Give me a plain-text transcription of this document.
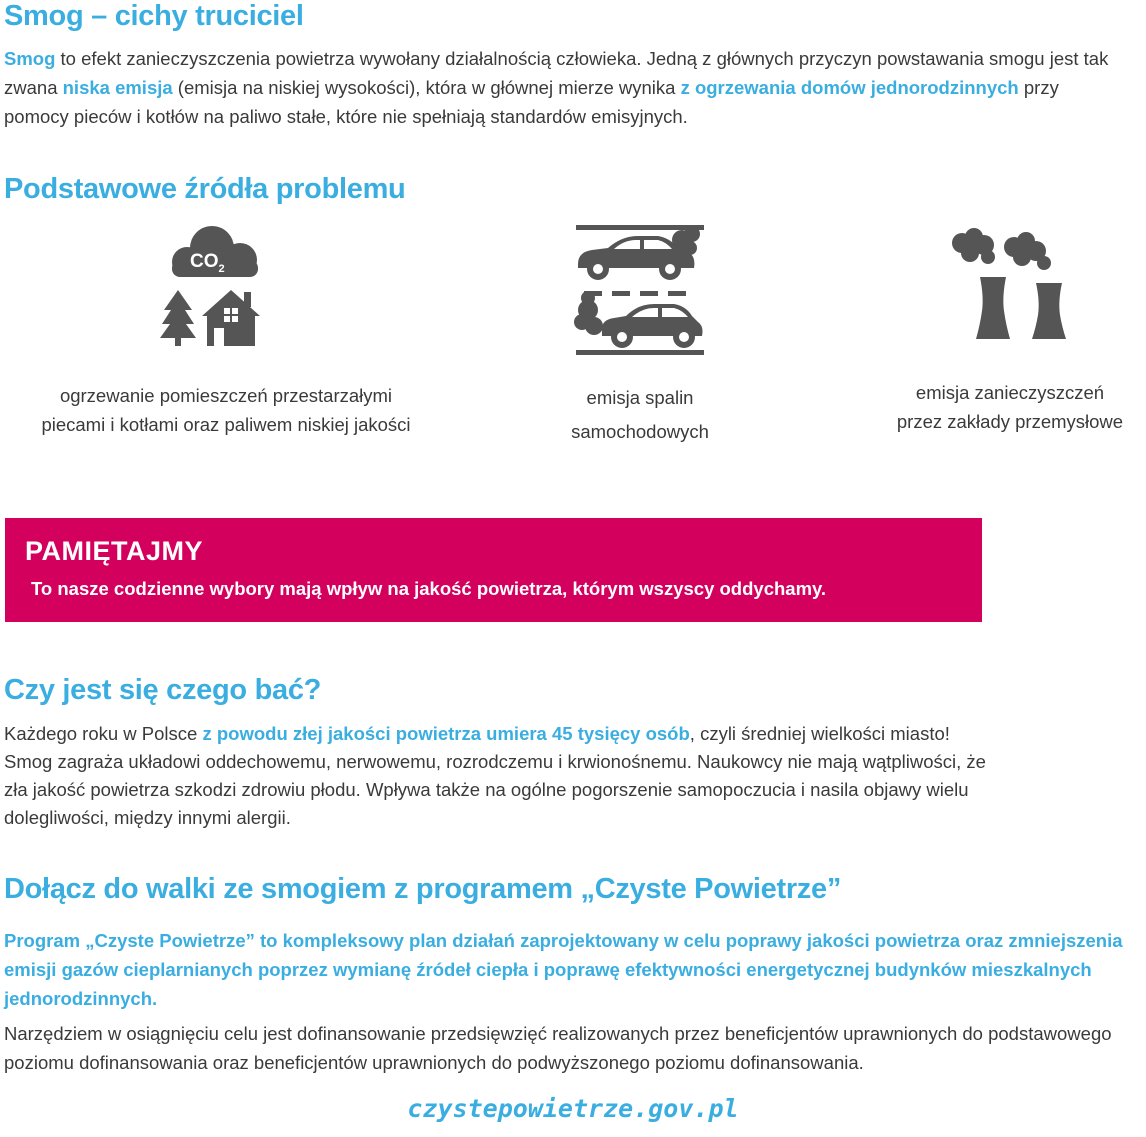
Smog – cichy truciciel

Smog to efekt zanieczyszczenia powietrza wywołany działalnością człowieka. Jedną z głównych przyczyn powstawania smogu jest tak zwana niska emisja (emisja na niskiej wysokości), która w głównej mierze wynika z ogrzewania domów jednorodzinnych przy pomocy pieców i kotłów na paliwo stałe, które nie spełniają standardów emisyjnych.

Podstawowe źródła problemu
$CO_2$
ogrzewanie pomieszczeń przestarzałymi
piecami i kotłami oraz paliwem niskiej jakości
emisja spalin
samochodowych
emisja zanieczyszczeń
przez zakłady przemysłowe
PAMIĘTAJMY
To nasze codzienne wybory mają wpływ na jakość powietrza, którym wszyscy oddychamy.
Czy jest się czego bać?

Każdego roku w Polsce z powodu złej jakości powietrza umiera 45 tysięcy osób, czyli średniej wielkości miasto! Smog zagraża układowi oddechowemu, nerwowemu, rozrodczemu i krwionośnemu. Naukowcy nie mają wątpliwości, że zła jakość powietrza szkodzi zdrowiu płodu. Wpływa także na ogólne pogorszenie samopoczucia i nasila objawy wielu dolegliwości, między innymi alergii.

Dołącz do walki ze smogiem z programem „Czyste Powietrze”

Program „Czyste Powietrze” to kompleksowy plan działań zaprojektowany w celu poprawy jakości powietrza oraz zmniejszenia emisji gazów cieplarnianych poprzez wymianę źródeł ciepła i poprawę efektywności energetycznej budynków mieszkalnych jednorodzinnych.

Narzędziem w osiągnięciu celu jest dofinansowanie przedsięwzięć realizowanych przez beneficjentów uprawnionych do podstawowego poziomu dofinansowania oraz beneficjentów uprawnionych do podwyższonego poziomu dofinansowania.

czystepowietrze.gov.pl
